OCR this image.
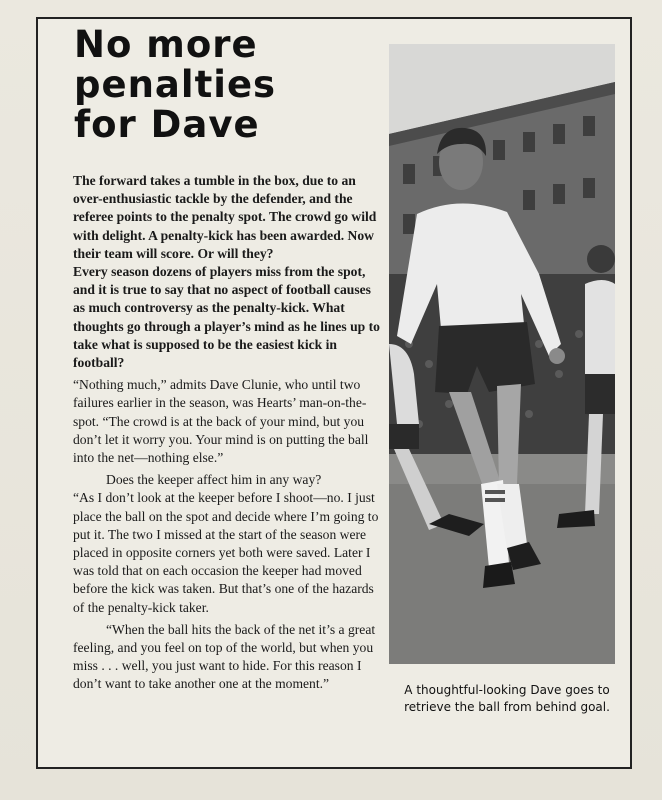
No more
penalties
for Dave

The forward takes a tumble in the box, due to an over-enthusiastic tackle by the defender, and the referee points to the penalty spot. The crowd go wild with delight. A penalty-kick has been awarded. Now their team will score. Or will they?

Every season dozens of players miss from the spot, and it is true to say that no aspect of football causes as much controversy as the penalty-kick. What thoughts go through a player’s mind as he lines up to take what is supposed to be the easiest kick in football?

“Nothing much,” admits Dave Clunie, who until two failures earlier in the season, was Hearts’ man-on-the-spot. “The crowd is at the back of your mind, but you don’t let it worry you. Your mind is on putting the ball into the net—nothing else.”

Does the keeper affect him in any way?

“As I don’t look at the keeper before I shoot—no. I just place the ball on the spot and decide where I’m going to put it. The two I missed at the start of the season were placed in opposite corners yet both were saved. Later I was told that on each occasion the keeper had moved before the kick was taken. But that’s one of the hazards of the penalty-kick taker.

“When the ball hits the back of the net it’s a great feeling, and you feel on top of the world, but when you miss . . . well, you just want to hide. For this reason I don’t want to take another one at the moment.”	A thoughtful-looking Dave goes to retrieve the ball from behind goal.
